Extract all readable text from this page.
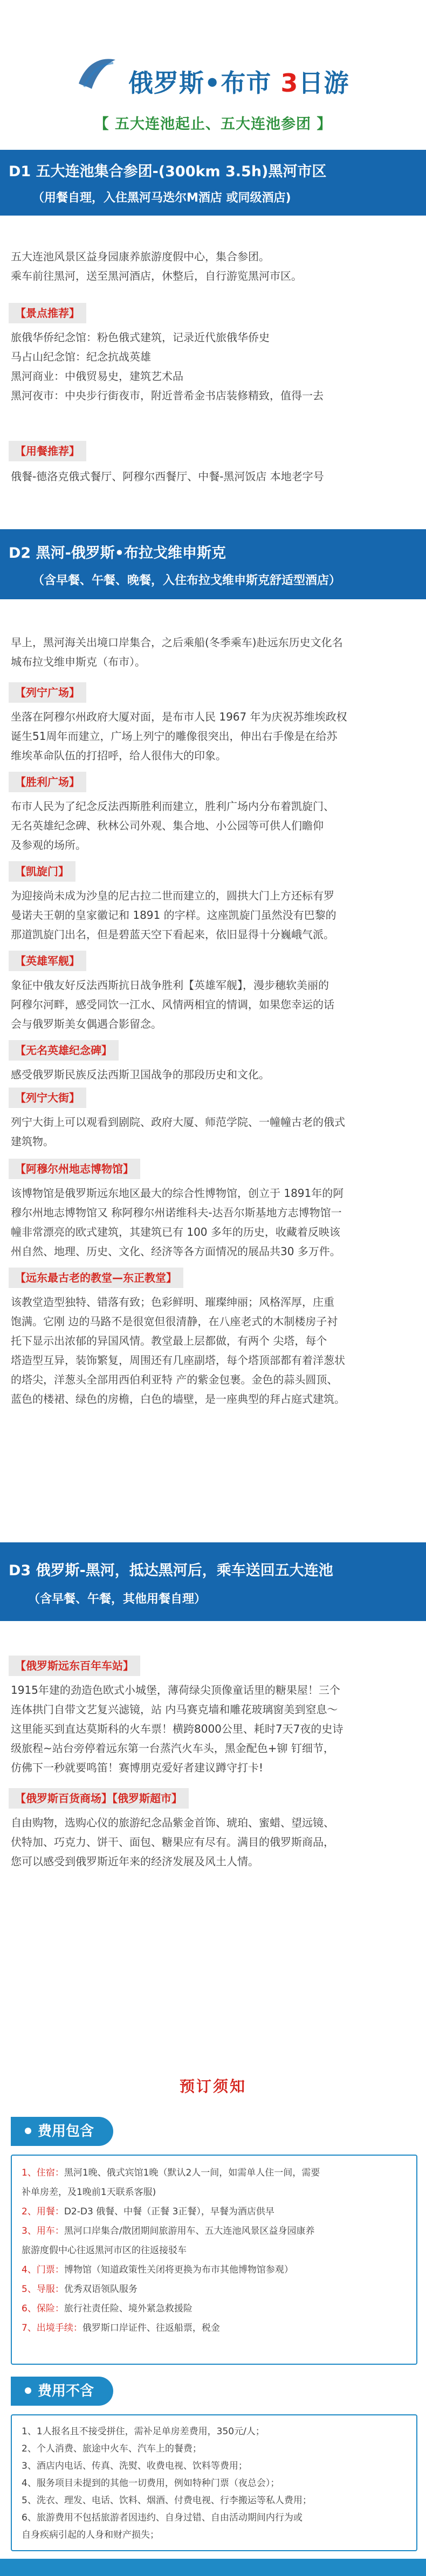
俄罗斯•布市 3日游
【 五大连池起止、五大连池参团 】
D1 五大连池集合参团-(300km 3.5h)黑河市区
（用餐自理，入住黑河马迭尔M酒店 或同级酒店)
五大连池风景区益身园康养旅游度假中心，集合参团。
乘车前往黑河，送至黑河酒店，休整后，自行游览黑河市区。
【景点推荐】
旅俄华侨纪念馆：粉色俄式建筑，记录近代旅俄华侨史
马占山纪念馆：纪念抗战英雄
黑河商业：中俄贸易史，建筑艺术品
黑河夜市：中央步行街夜市，附近普希金书店装修精致，值得一去
【用餐推荐】
俄餐-德洛克俄式餐厅、阿穆尔西餐厅、中餐-黑河饭店 本地老字号
D2 黑河-俄罗斯•布拉戈维申斯克
（含早餐、午餐、晚餐，入住布拉戈维申斯克舒适型酒店）
早上，黑河海关出境口岸集合，之后乘船(冬季乘车)赴远东历史文化名
城布拉戈维申斯克（布市）。
【列宁广场】
坐落在阿穆尔州政府大厦对面，是布市人民 1967 年为庆祝苏维埃政权
诞生51周年而建立，广场上列宁的雕像很突出，伸出右手像是在给苏
维埃革命队伍的打招呼，给人很伟大的印象。
【胜利广场】
布市人民为了纪念反法西斯胜利而建立，胜利广场内分布着凯旋门、
无名英雄纪念碑、秋林公司外观、集合地、小公园等可供人们瞻仰
及参观的场所。
【凯旋门】
为迎接尚未成为沙皇的尼古拉二世而建立的，圆拱大门上方还标有罗
曼诺夫王朝的皇家徽记和 1891 的字样。这座凯旋门虽然没有巴黎的
那道凯旋门出名，但是碧蓝天空下看起来，依旧显得十分巍峨气派。
【英雄军舰】
象征中俄友好反法西斯抗日战争胜利【英雄军舰】，漫步穗软美丽的
阿穆尔河畔，感受同饮一江水、风情两相宜的情调，如果您幸运的话
会与俄罗斯美女偶遇合影留念。
【无名英雄纪念碑】
感受俄罗斯民族反法西斯卫国战争的那段历史和文化。
【列宁大街】
列宁大街上可以观看到剧院、政府大厦、师范学院、一幢幢古老的俄式
建筑物。
【阿穆尔州地志博物馆】
该博物馆是俄罗斯远东地区最大的综合性博物馆，创立于 1891年的阿
穆尔州地志博物馆又 称阿穆尔州诺维科夫-达吾尔斯基地方志博物馆一
幢非常漂亮的欧式建筑，其建筑已有 100 多年的历史，收藏着反映该
州自然、地理、历史、文化、经济等各方面情况的展品共30 多万件。
【远东最古老的教堂—东正教堂】
该教堂造型独特、错落有致；色彩鲜明、璀璨绅丽；风格浑厚，庄重
饱满。它刚 边的马路不是很宽但很清静，在八座老式的木制楼房子衬
托下显示出浓郁的异国风情。教堂最上层都做，有两个 尖塔，每个
塔造型互异，装饰繁复，周围还有几座副塔，每个塔顶部都有着洋葱状
的塔尖，洋葱头全部用西伯利亚特 产的紫金包裹。金色的蒜头圆顶、
蓝色的楼裙、绿色的房檐，白色的墙壁，是一座典型的拜占庭式建筑。
D3 俄罗斯-黑河，抵达黑河后，乘车送回五大连池
（含早餐、午餐，其他用餐自理）
【俄罗斯远东百年车站】
1915年建的劲造色欧式小城堡，薄荷绿尖顶像童话里的糖果屋！三个
连体拱门自带文艺复兴滤镜，站 内马赛克墙和雕花玻璃窗美到窒息～
这里能买到直达莫斯科的火车票！横跨8000公里、耗时7天7夜的史诗
级旅程~站台旁停着远东第一台蒸汽火车头，黑金配色+铆 钉细节，
仿佛下一秒就要鸣笛！赛博朋克爱好者建议蹲守打卡!
【俄罗斯百货商场】【俄罗斯超市】
自由购物，选购心仪的旅游纪念品紫金首饰、琥珀、蜜蜡、望远镜、
伏特加、巧克力、饼干、面包、糖果应有尽有。满目的俄罗斯商品，
您可以感受到俄罗斯近年来的经济发展及风土人情。
预订须知
费用包含
1、住宿：黑河1晚、俄式宾馆1晚（默认2人一间，如需单人住一间，需要
补单房差，及1晚前1天联系客服)
2、用餐：D2-D3 俄餐、中餐（正餐 3正餐），早餐为酒店供早
3、用车：黑河口岸集合/散团期间旅游用车、五大连池风景区益身园康养
旅游度假中心往返黑河市区的往返接驳车
4、门票：博物馆（知道政策性关闭将更换为布市其他博物馆参观）
5、导服：优秀双语领队服务
6、保险：旅行社责任险、境外紧急救援险
7、出境手续：俄罗斯口岸证件、往返船票，税金
费用不含
1、1人报名且不接受拼住，需补足单房差费用，350元/人；
2、个人消费、旅途中火车、汽车上的餐费；
3、酒店内电话、传真、洗熨、收费电视、饮料等费用；
4、服务项目未提到的其他一切费用，例如特种门票（夜总会）；
5、洗衣、理发、电话、饮料、烟酒、付费电视、行李搬运等私人费用；
6、旅游费用不包括旅游者因违约、自身过错、自由活动期间内行为或
自身疾病引起的人身和财产损失；
